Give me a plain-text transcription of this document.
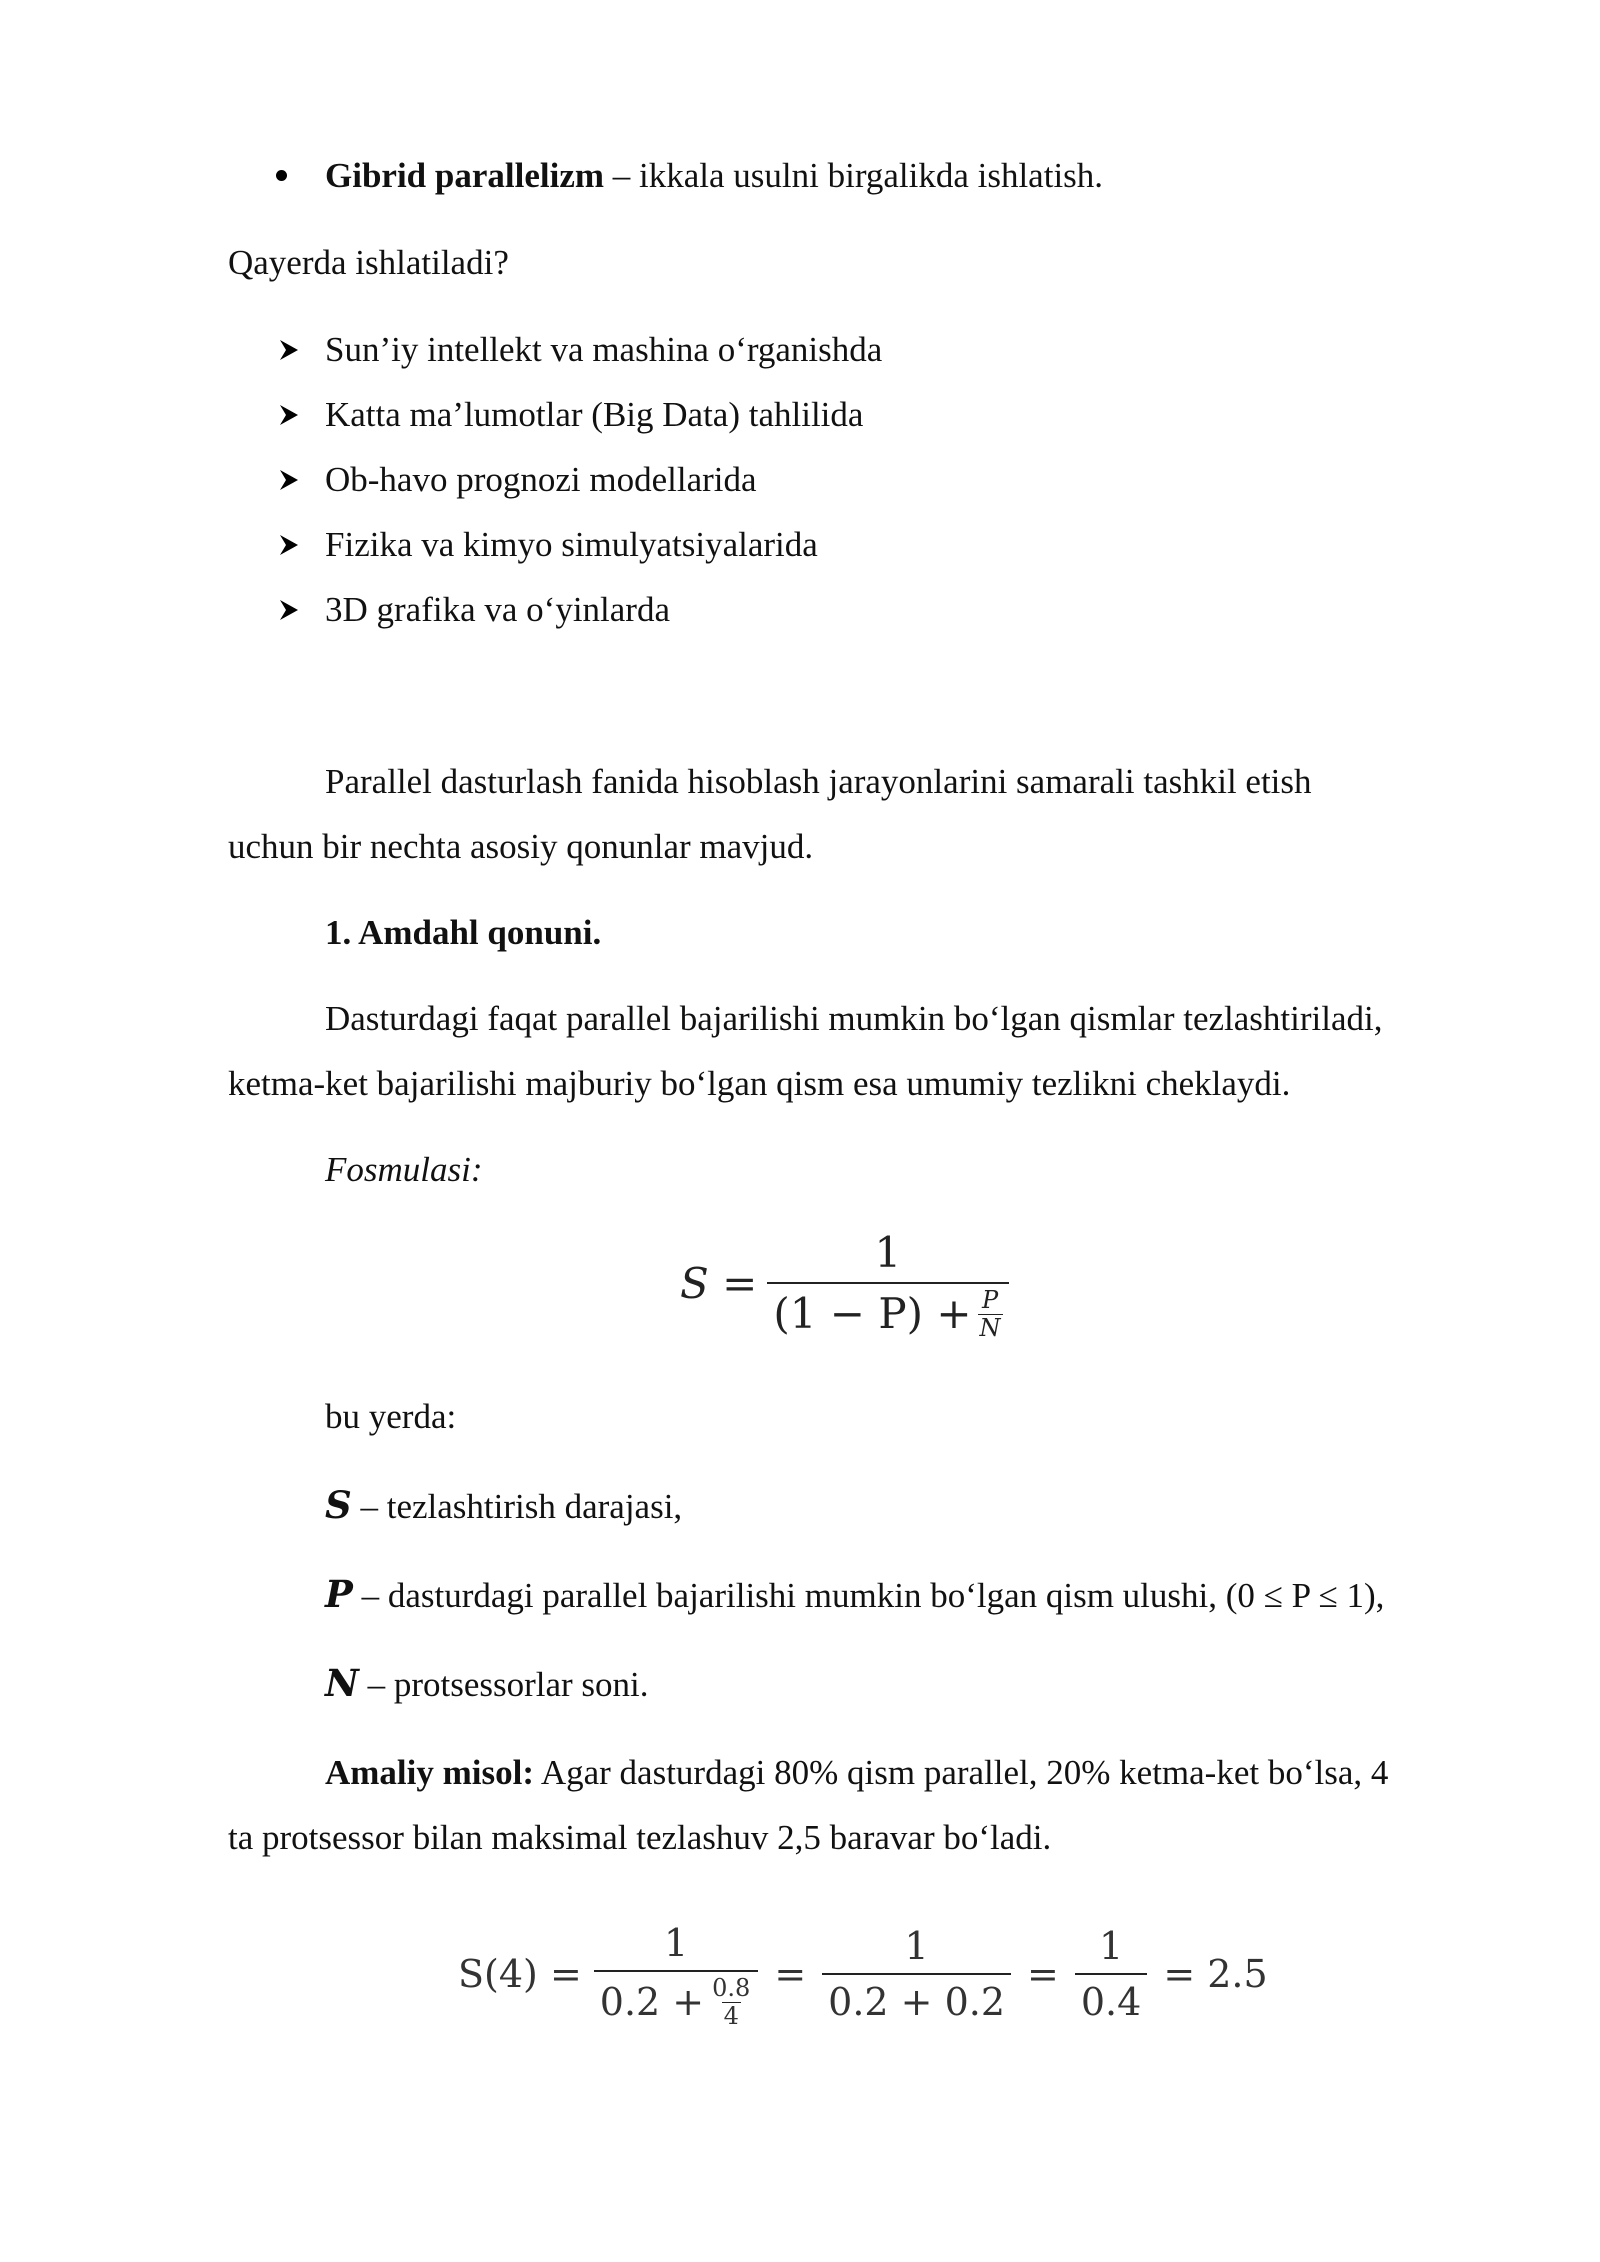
Gibrid parallelizm – ikkala usulni birgalikda ishlatish.
Qayerda ishlatiladi?
Sun’iy intellekt va mashina o‘rganishda
Katta ma’lumotlar (Big Data) tahlilida
Ob-havo prognozi modellarida
Fizika va kimyo simulyatsiyalarida
3D grafika va o‘yinlarda
Parallel dasturlash fanida hisoblash jarayonlarini samarali tashkil etish
uchun bir nechta asosiy qonunlar mavjud.
1. Amdahl qonuni.
Dasturdagi faqat parallel bajarilishi mumkin bo‘lgan qismlar tezlashtiriladi,
ketma-ket bajarilishi majburiy bo‘lgan qism esa umumiy tezlikni cheklaydi.
Fosmulasi:
$S = \frac{1}{(1 - P) + \frac{P}{N}}$
bu yerda:
S – tezlashtirish darajasi,
P – dasturdagi parallel bajarilishi mumkin bo‘lgan qism ulushi, (0 ≤ P ≤ 1),
N – protsessorlar soni.
Amaliy misol: Agar dasturdagi 80% qism parallel, 20% ketma-ket bo‘lsa, 4
ta protsessor bilan maksimal tezlashuv 2,5 baravar bo‘ladi.
$S(4) = \frac{1}{0.2 + \frac{0.8}{4}} = \frac{1}{0.2 + 0.2} = \frac{1}{0.4} = 2.5$
